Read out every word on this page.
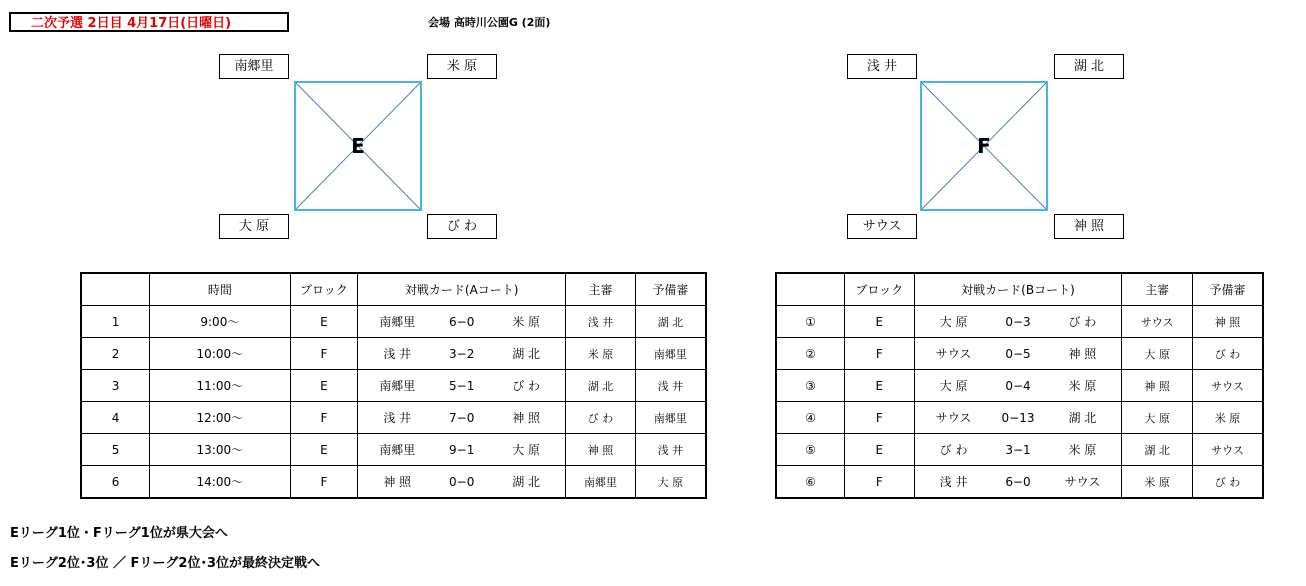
二次予選 2日目 4月17日(日曜日)	会場 高時川公園G (2面)
E
南郷里	米 原
大 原	び わ
F
浅 井	湖 北
サウス	神 照
	時間	ブロック	対戦カード(Aコート)	主審	予備審
1	9:00～	E	南郷里 6−0 米 原	浅 井	湖 北
2	10:00～	F	浅 井 3−2 湖 北	米 原	南郷里
3	11:00～	E	南郷里 5−1 び わ	湖 北	浅 井
4	12:00～	F	浅 井 7−0 神 照	び わ	南郷里
5	13:00～	E	南郷里 9−1 大 原	神 照	浅 井
6	14:00～	F	神 照 0−0 湖 北	南郷里	大 原
	ブロック	対戦カード(Bコート)	主審	予備審
①	E	大 原 0−3 び わ	サウス	神 照
②	F	サウス 0−5 神 照	大 原	び わ
③	E	大 原 0−4 米 原	神 照	サウス
④	F	サウス 0−13 湖 北	大 原	米 原
⑤	E	び わ 3−1 米 原	湖 北	サウス
⑥	F	浅 井 6−0 サウス	米 原	び わ
Eリーグ1位・Fリーグ1位が県大会へ
Eリーグ2位･3位 ／ Fリーグ2位･3位が最終決定戦へ
